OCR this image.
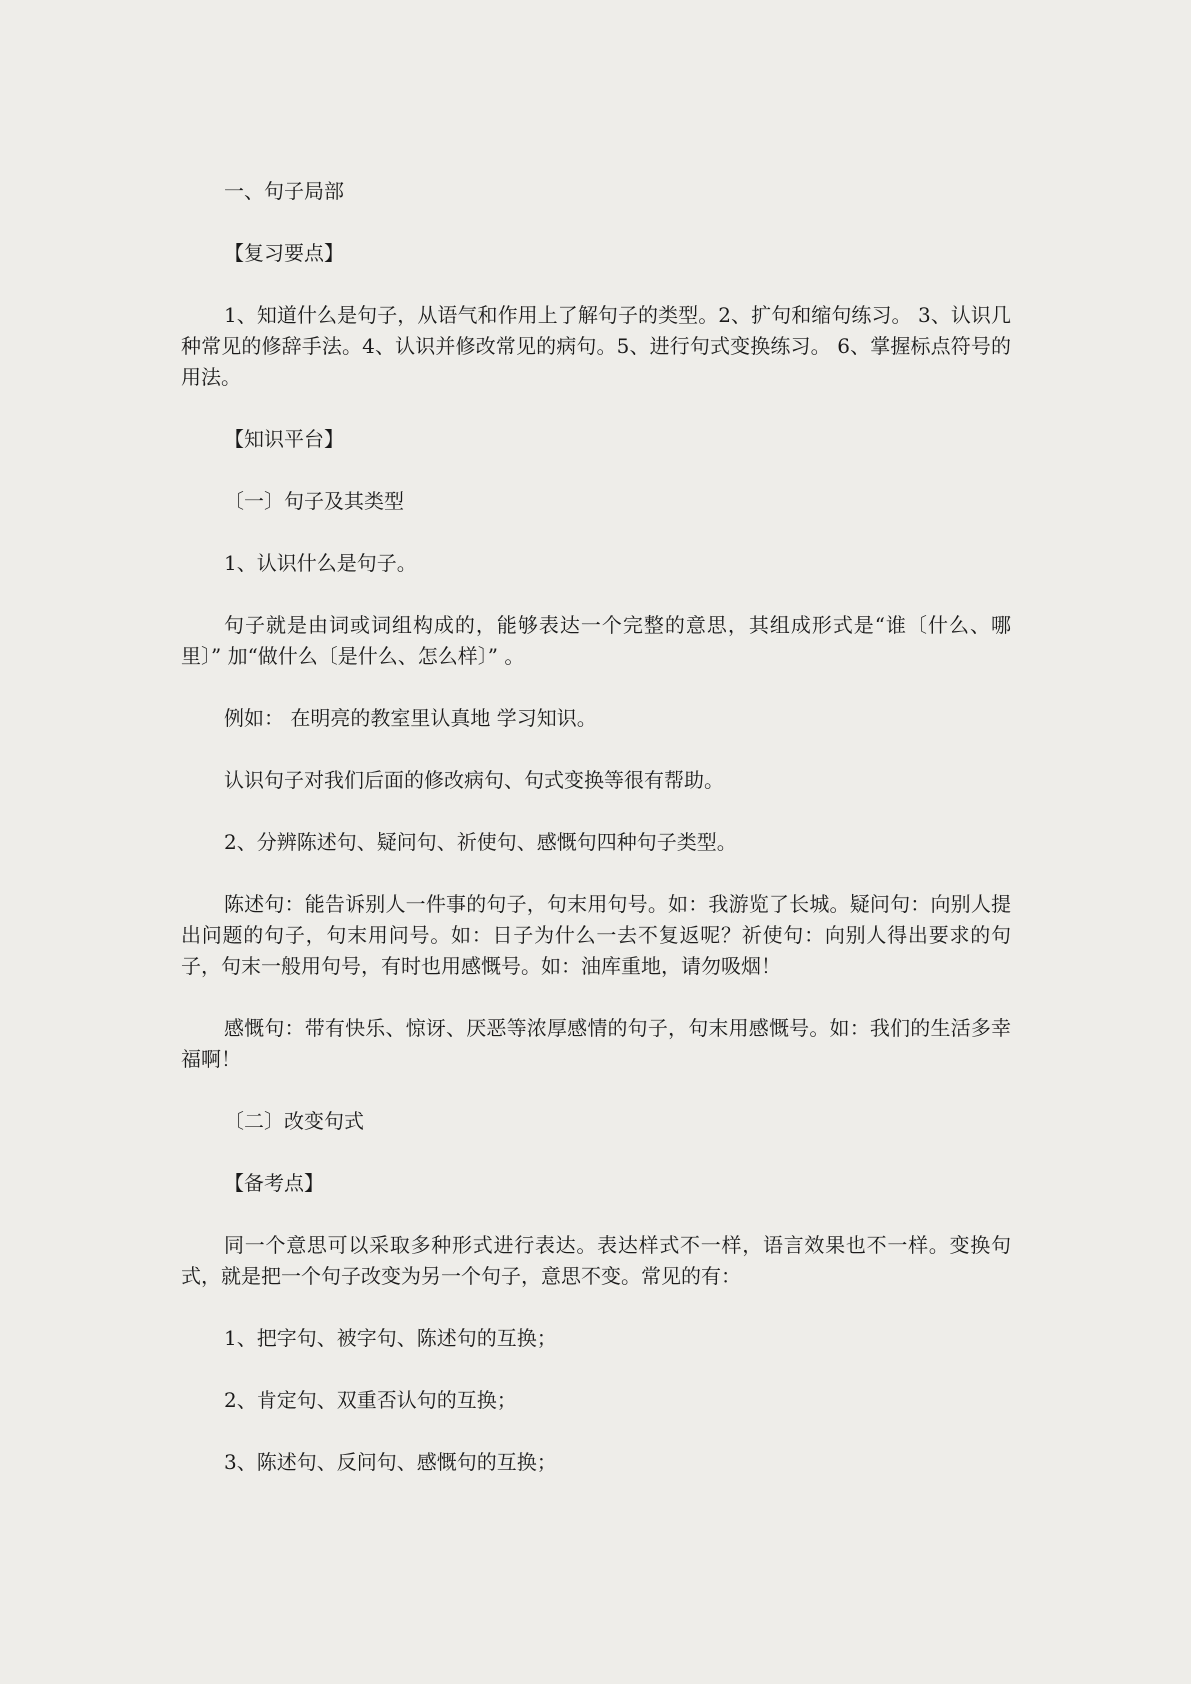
一、句子局部

【复习要点】

1、知道什么是句子，从语气和作用上了解句子的类型。2、扩句和缩句练习。 3、认识几种常见的修辞手法。4、认识并修改常见的病句。5、进行句式变换练习。 6、掌握标点符号的用法。

【知识平台】

〔一〕句子及其类型

1、认识什么是句子。

句子就是由词或词组构成的，能够表达一个完整的意思，其组成形式是“谁〔什么、哪里〕” 加“做什么〔是什么、怎么样〕” 。

例如： 在明亮的教室里认真地 学习知识。

认识句子对我们后面的修改病句、句式变换等很有帮助。

2、分辨陈述句、疑问句、祈使句、感慨句四种句子类型。

陈述句：能告诉别人一件事的句子，句末用句号。如：我游览了长城。疑问句：向别人提出问题的句子，句末用问号。如：日子为什么一去不复返呢？祈使句：向别人得出要求的句子，句末一般用句号，有时也用感慨号。如：油库重地，请勿吸烟！

感慨句：带有快乐、惊讶、厌恶等浓厚感情的句子，句末用感慨号。如：我们的生活多幸福啊！

〔二〕改变句式

【备考点】

同一个意思可以采取多种形式进行表达。表达样式不一样，语言效果也不一样。变换句式，就是把一个句子改变为另一个句子，意思不变。常见的有：

1、把字句、被字句、陈述句的互换；

2、肯定句、双重否认句的互换；

3、陈述句、反问句、感慨句的互换；
